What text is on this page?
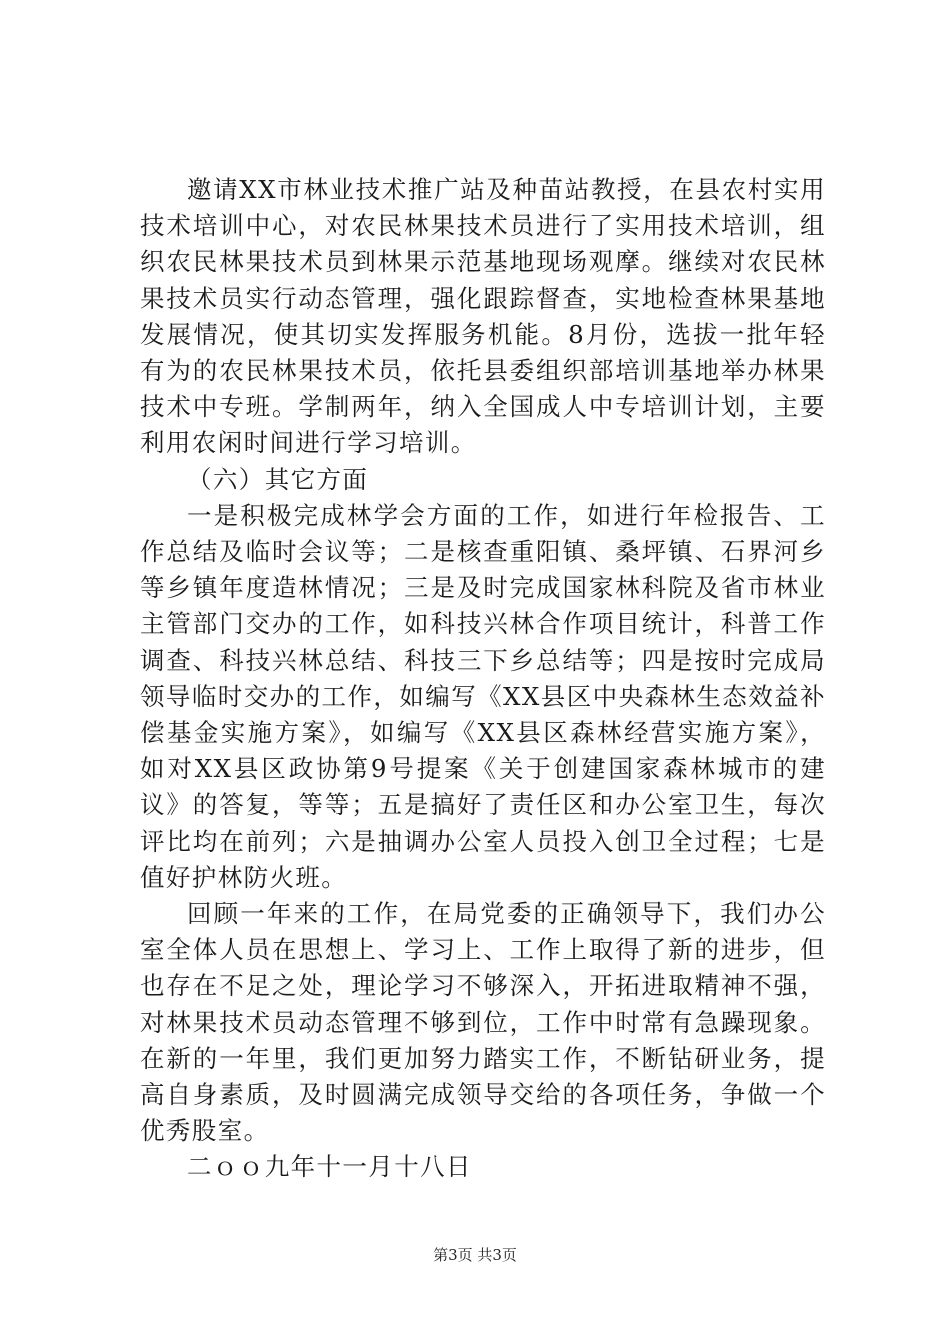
邀请XX市林业技术推广站及种苗站教授，在县农村实用技术培训中心，对农民林果技术员进行了实用技术培训，组织农民林果技术员到林果示范基地现场观摩。继续对农民林果技术员实行动态管理，强化跟踪督查，实地检查林果基地发展情况，使其切实发挥服务机能。8月份，选拔一批年轻有为的农民林果技术员，依托县委组织部培训基地举办林果技术中专班。学制两年，纳入全国成人中专培训计划，主要利用农闲时间进行学习培训。

（六）其它方面

一是积极完成林学会方面的工作，如进行年检报告、工作总结及临时会议等；二是核查重阳镇、桑坪镇、石界河乡等乡镇年度造林情况；三是及时完成国家林科院及省市林业主管部门交办的工作，如科技兴林合作项目统计，科普工作调查、科技兴林总结、科技三下乡总结等；四是按时完成局领导临时交办的工作，如编写《XX县区中央森林生态效益补偿基金实施方案》，如编写《XX县区森林经营实施方案》，如对XX县区政协第9号提案《关于创建国家森林城市的建议》的答复，等等；五是搞好了责任区和办公室卫生，每次评比均在前列；六是抽调办公室人员投入创卫全过程；七是值好护林防火班。

回顾一年来的工作，在局党委的正确领导下，我们办公室全体人员在思想上、学习上、工作上取得了新的进步，但也存在不足之处，理论学习不够深入，开拓进取精神不强，对林果技术员动态管理不够到位，工作中时常有急躁现象。在新的一年里，我们更加努力踏实工作，不断钻研业务，提高自身素质，及时圆满完成领导交给的各项任务，争做一个优秀股室。

二ｏｏ九年十一月十八日

第3页 共3页
